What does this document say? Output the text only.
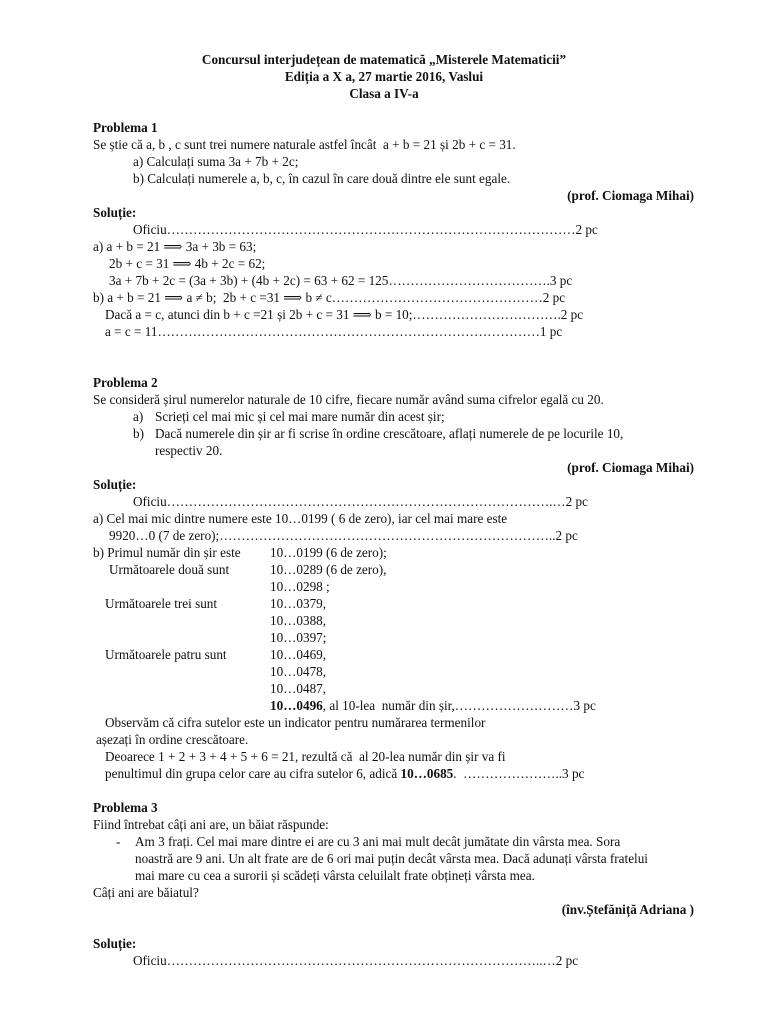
Concursul interjudețean de matematică „Misterele Matematicii”
Ediția a X a, 27 martie 2016, Vaslui
Clasa a IV-a
Problema 1
Se știe că a, b , c sunt trei numere naturale astfel încât  a + b = 21 și 2b + c = 31.
a) Calculați suma 3a + 7b + 2c;
b) Calculați numerele a, b, c, în cazul în care două dintre ele sunt egale.
(prof. Ciomaga Mihai)
Soluție:
Oficiu…………………………………………………………………………………2 pc
a) a + b = 21 ⟹ 3a + 3b = 63;
2b + c = 31 ⟹ 4b + 2c = 62;
3a + 7b + 2c = (3a + 3b) + (4b + 2c) = 63 + 62 = 125……………………………….3 pc
b) a + b = 21 ⟹ a ≠ b;  2b + c =31 ⟹ b ≠ c…………………………………………2 pc
Dacă a = c, atunci din b + c =21 și 2b + c = 31 ⟹ b = 10;…………………………….2 pc
a = c = 11……………………………………………………………………………1 pc
Problema 2
Se consideră șirul numerelor naturale de 10 cifre, fiecare număr având suma cifrelor egală cu 20.
a) Scrieți cel mai mic și cel mai mare număr din acest șir;
b) Dacă numerele din șir ar fi scrise în ordine crescătoare, aflați numerele de pe locurile 10,
respectiv 20.
(prof. Ciomaga Mihai)
Soluție:
Oficiu…………………………………………………………………………….…2 pc
a) Cel mai mic dintre numere este 10…0199 ( 6 de zero), iar cel mai mare este
9920…0 (7 de zero);…………………………………………………………………..2 pc
b) Primul număr din șir este
Următoarele două sunt
Următoarele trei sunt
Următoarele patru sunt
10…0199 (6 de zero);
10…0289 (6 de zero),
10…0298 ;
10…0379,
10…0388,
10…0397;
10…0469,
10…0478,
10…0487,
10…0496, al 10-lea  număr din șir,………………………3 pc
Observăm că cifra sutelor este un indicator pentru numărarea termenilor
așezați în ordine crescătoare.
Deoarece 1 + 2 + 3 + 4 + 5 + 6 = 21, rezultă că  al 20-lea număr din șir va fi
penultimul din grupa celor care au cifra sutelor 6, adică 10…0685.  …………………..3 pc
Problema 3
Fiind întrebat câți ani are, un băiat răspunde:
- Am 3 frați. Cel mai mare dintre ei are cu 3 ani mai mult decât jumătate din vârsta mea. Sora
noastră are 9 ani. Un alt frate are de 6 ori mai puțin decât vârsta mea. Dacă adunați vârsta fratelui
mai mare cu cea a surorii și scădeți vârsta celuilalt frate obțineți vârsta mea.
Câți ani are băiatul?
(înv.Ștefăniță Adriana )
Soluție:
Oficiu…………………………………………………………………………..…2 pc
